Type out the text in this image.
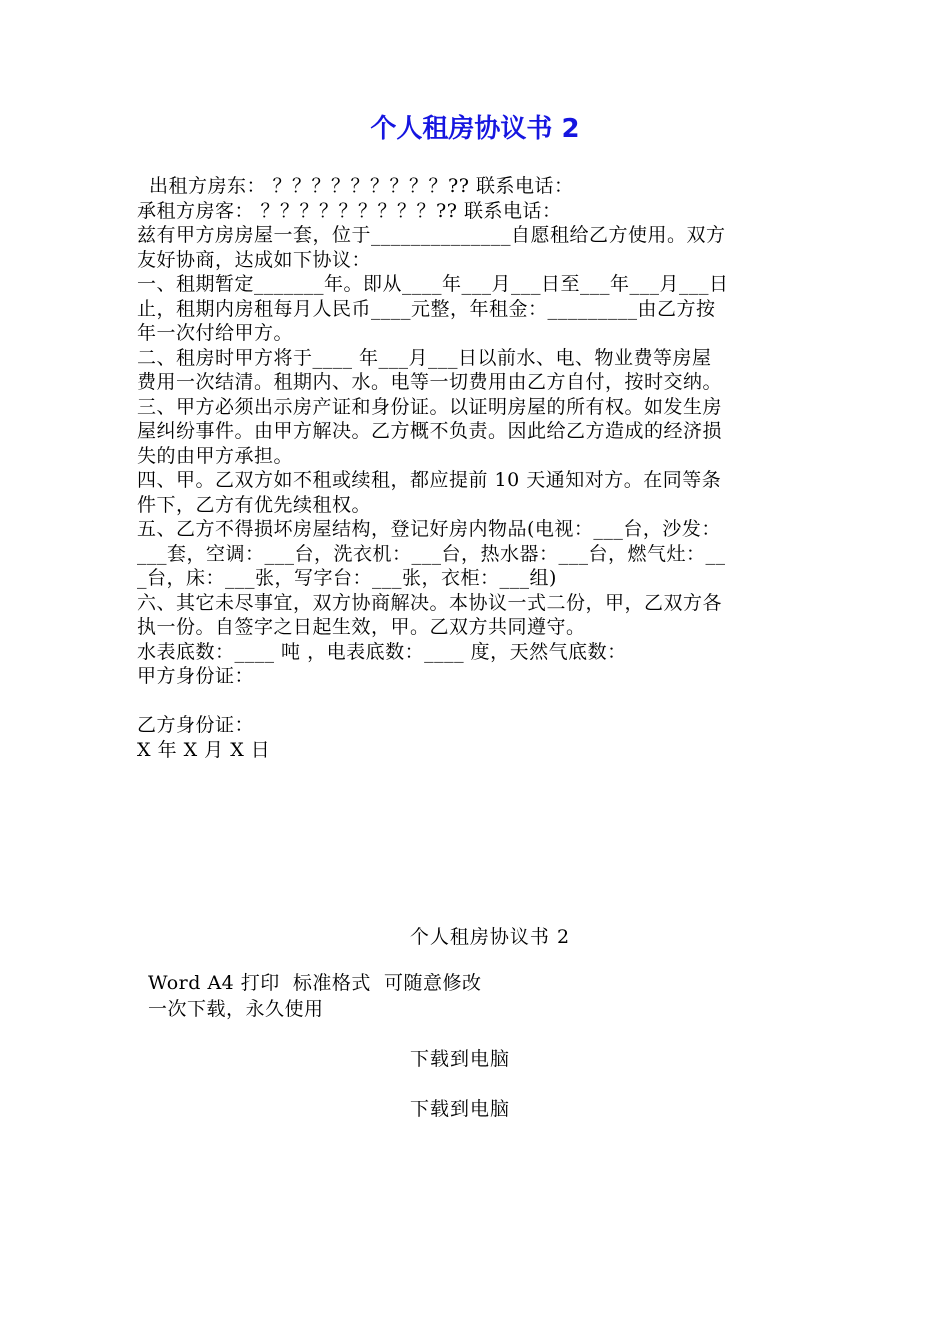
个人租房协议书 2
出租方房东： ？？？？？？？？？?? 联系电话：
承租方房客： ？？？？？？？？？?? 联系电话：
兹有甲方房房屋一套，位于______________自愿租给乙方使用。双方
友好协商，达成如下协议：
一、租期暂定_______年。即从____年___月___日至___年___月___日
止，租期内房租每月人民币____元整，年租金：_________由乙方按
年一次付给甲方。
二、租房时甲方将于____ 年___月___日以前水、电、物业费等房屋
费用一次结清。租期内、水。电等一切费用由乙方自付，按时交纳。
三、甲方必须出示房产证和身份证。以证明房屋的所有权。如发生房
屋纠纷事件。由甲方解决。乙方概不负责。因此给乙方造成的经济损
失的由甲方承担。
四、甲。乙双方如不租或续租，都应提前 10 天通知对方。在同等条
件下，乙方有优先续租权。
五、乙方不得损坏房屋结构，登记好房内物品(电视：___台，沙发：
___套，空调：___台，洗衣机：___台，热水器：___台，燃气灶：__
_台，床：___张，写字台：___张，衣柜：___组)
六、其它未尽事宜，双方协商解决。本协议一式二份，甲，乙双方各
执一份。自签字之日起生效，甲。乙双方共同遵守。
水表底数：____ 吨 ，电表底数：____ 度，天然气底数：
甲方身份证：
乙方身份证：
X 年 X 月 X 日
个人租房协议书 2
Word A4 打印  标准格式  可随意修改
一次下载，永久使用
下载到电脑
下载到电脑
